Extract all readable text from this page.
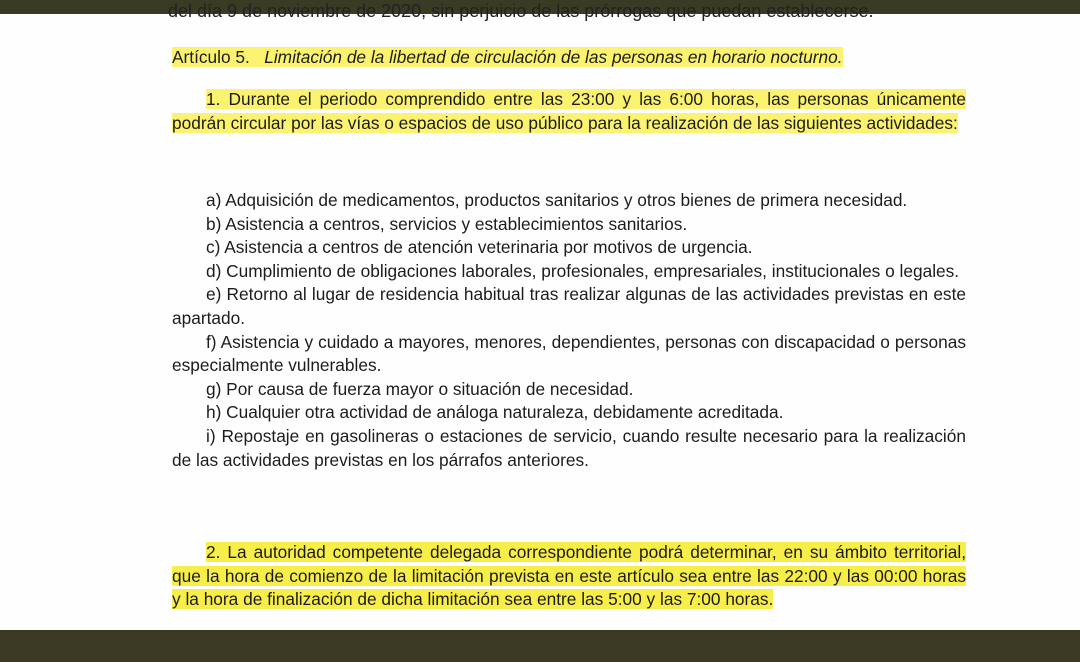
del día 9 de noviembre de 2020, sin perjuicio de las prórrogas que puedan establecerse.
Artículo 5. Limitación de la libertad de circulación de las personas en horario nocturno.
1. Durante el periodo comprendido entre las 23:00 y las 6:00 horas, las personas únicamente podrán circular por las vías o espacios de uso público para la realización de las siguientes actividades:
a) Adquisición de medicamentos, productos sanitarios y otros bienes de primera necesidad.
b) Asistencia a centros, servicios y establecimientos sanitarios.
c) Asistencia a centros de atención veterinaria por motivos de urgencia.
d) Cumplimiento de obligaciones laborales, profesionales, empresariales, institucionales o legales.
e) Retorno al lugar de residencia habitual tras realizar algunas de las actividades previstas en este apartado.
f) Asistencia y cuidado a mayores, menores, dependientes, personas con discapacidad o personas especialmente vulnerables.
g) Por causa de fuerza mayor o situación de necesidad.
h) Cualquier otra actividad de análoga naturaleza, debidamente acreditada.
i) Repostaje en gasolineras o estaciones de servicio, cuando resulte necesario para la realización de las actividades previstas en los párrafos anteriores.
2. La autoridad competente delegada correspondiente podrá determinar, en su ámbito territorial, que la hora de comienzo de la limitación prevista en este artículo sea entre las 22:00 y las 00:00 horas y la hora de finalización de dicha limitación sea entre las 5:00 y las 7:00 horas.
